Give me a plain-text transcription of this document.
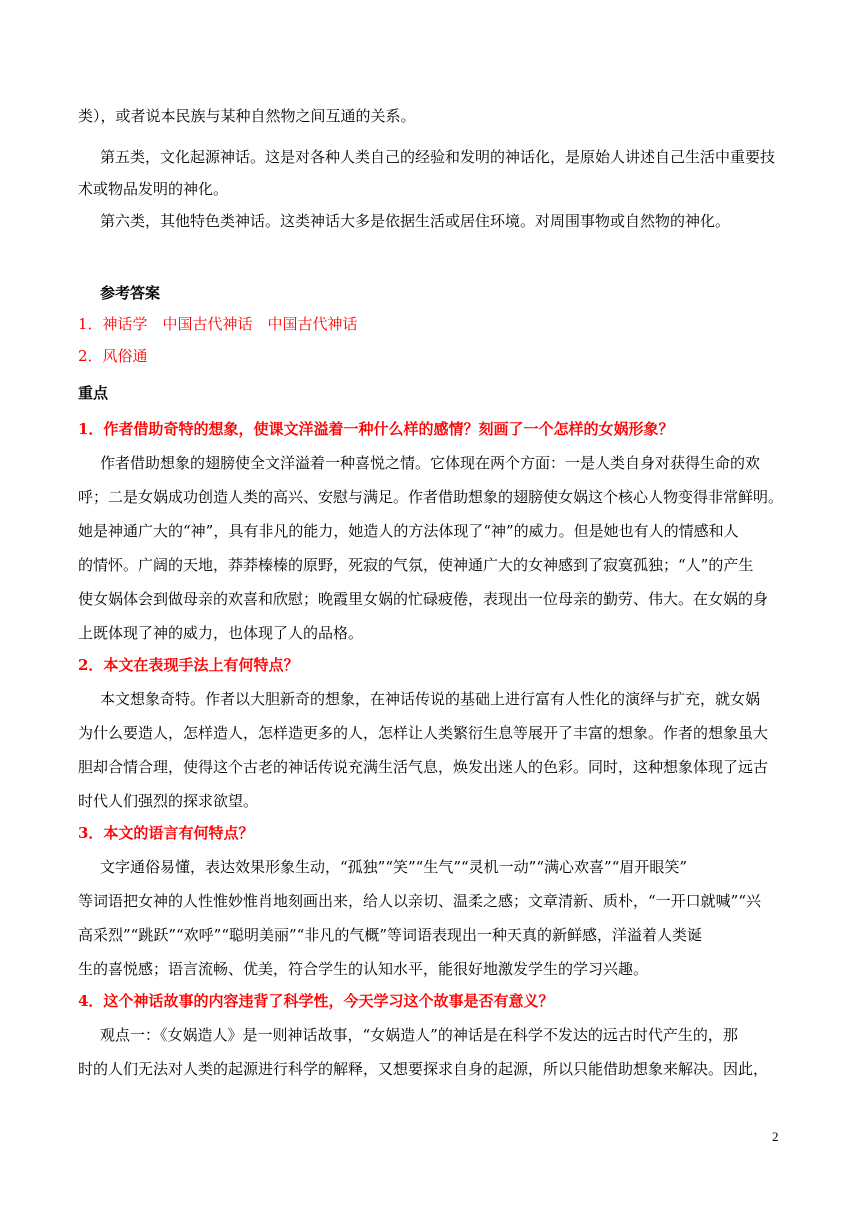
类），或者说本民族与某种自然物之间互通的关系。
第五类，文化起源神话。这是对各种人类自己的经验和发明的神话化，是原始人讲述自己生活中重要技
术或物品发明的神化。
第六类，其他特色类神话。这类神话大多是依据生活或居住环境。对周围事物或自然物的神化。
参考答案
1．神话学　中国古代神话　中国古代神话
2．风俗通
重点
1．作者借助奇特的想象，使课文洋溢着一种什么样的感情？刻画了一个怎样的女娲形象？
作者借助想象的翅膀使全文洋溢着一种喜悦之情。它体现在两个方面：一是人类自身对获得生命的欢
呼；二是女娲成功创造人类的高兴、安慰与满足。作者借助想象的翅膀使女娲这个核心人物变得非常鲜明。
她是神通广大的“神”，具有非凡的能力，她造人的方法体现了“神”的威力。但是她也有人的情感和人
的情怀。广阔的天地，莽莽榛榛的原野，死寂的气氛，使神通广大的女神感到了寂寞孤独；“人”的产生
使女娲体会到做母亲的欢喜和欣慰；晚霞里女娲的忙碌疲倦，表现出一位母亲的勤劳、伟大。在女娲的身
上既体现了神的威力，也体现了人的品格。
2．本文在表现手法上有何特点？
本文想象奇特。作者以大胆新奇的想象，在神话传说的基础上进行富有人性化的演绎与扩充，就女娲
为什么要造人，怎样造人，怎样造更多的人，怎样让人类繁衍生息等展开了丰富的想象。作者的想象虽大
胆却合情合理，使得这个古老的神话传说充满生活气息，焕发出迷人的色彩。同时，这种想象体现了远古
时代人们强烈的探求欲望。
3．本文的语言有何特点？
文字通俗易懂，表达效果形象生动，“孤独”“笑”“生气”“灵机一动”“满心欢喜”“眉开眼笑”
等词语把女神的人性惟妙惟肖地刻画出来，给人以亲切、温柔之感；文章清新、质朴，“一开口就喊”“兴
高采烈”“跳跃”“欢呼”“聪明美丽”“非凡的气概”等词语表现出一种天真的新鲜感，洋溢着人类诞
生的喜悦感；语言流畅、优美，符合学生的认知水平，能很好地激发学生的学习兴趣。
4．这个神话故事的内容违背了科学性，今天学习这个故事是否有意义？
观点一：《女娲造人》是一则神话故事，“女娲造人”的神话是在科学不发达的远古时代产生的，那
时的人们无法对人类的起源进行科学的解释，又想要探求自身的起源，所以只能借助想象来解决。因此，
2
